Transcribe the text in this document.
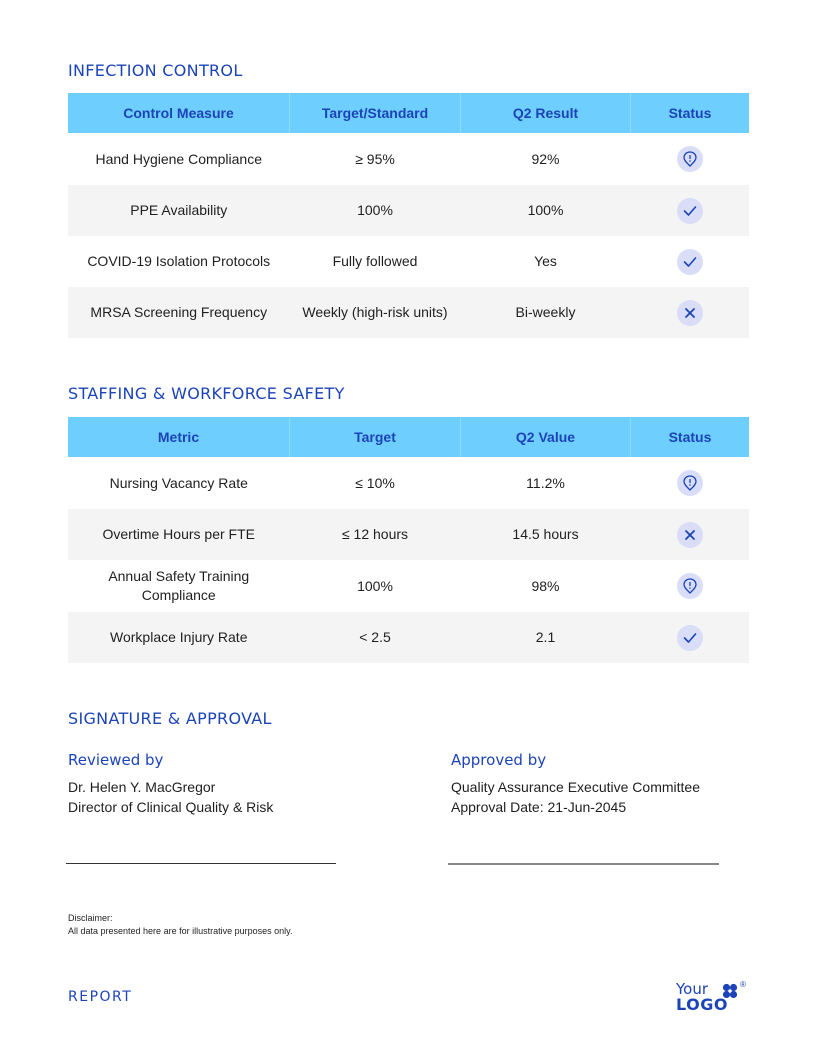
INFECTION CONTROL
Control Measure	Target/Standard	Q2 Result	Status
Hand Hygiene Compliance	≥ 95%	92%	

PPE Availability	100%	100%	

COVID-19 Isolation Protocols	Fully followed	Yes	

MRSA Screening Frequency	Weekly (high-risk units)	Bi-weekly	
STAFFING & WORKFORCE SAFETY
Metric	Target	Q2 Value	Status
Nursing Vacancy Rate	≤ 10%	11.2%	

Overtime Hours per FTE	≤ 12 hours	14.5 hours	

Annual Safety Training Compliance	100%	98%	

Workplace Injury Rate	< 2.5	2.1	
SIGNATURE & APPROVAL
Reviewed by
Dr. Helen Y. MacGregor
Director of Clinical Quality & Risk
Approved by
Quality Assurance Executive Committee
Approval Date: 21-Jun-2045
Disclaimer:
All data presented here are for illustrative purposes only.
REPORT	Your	®
LOGO
